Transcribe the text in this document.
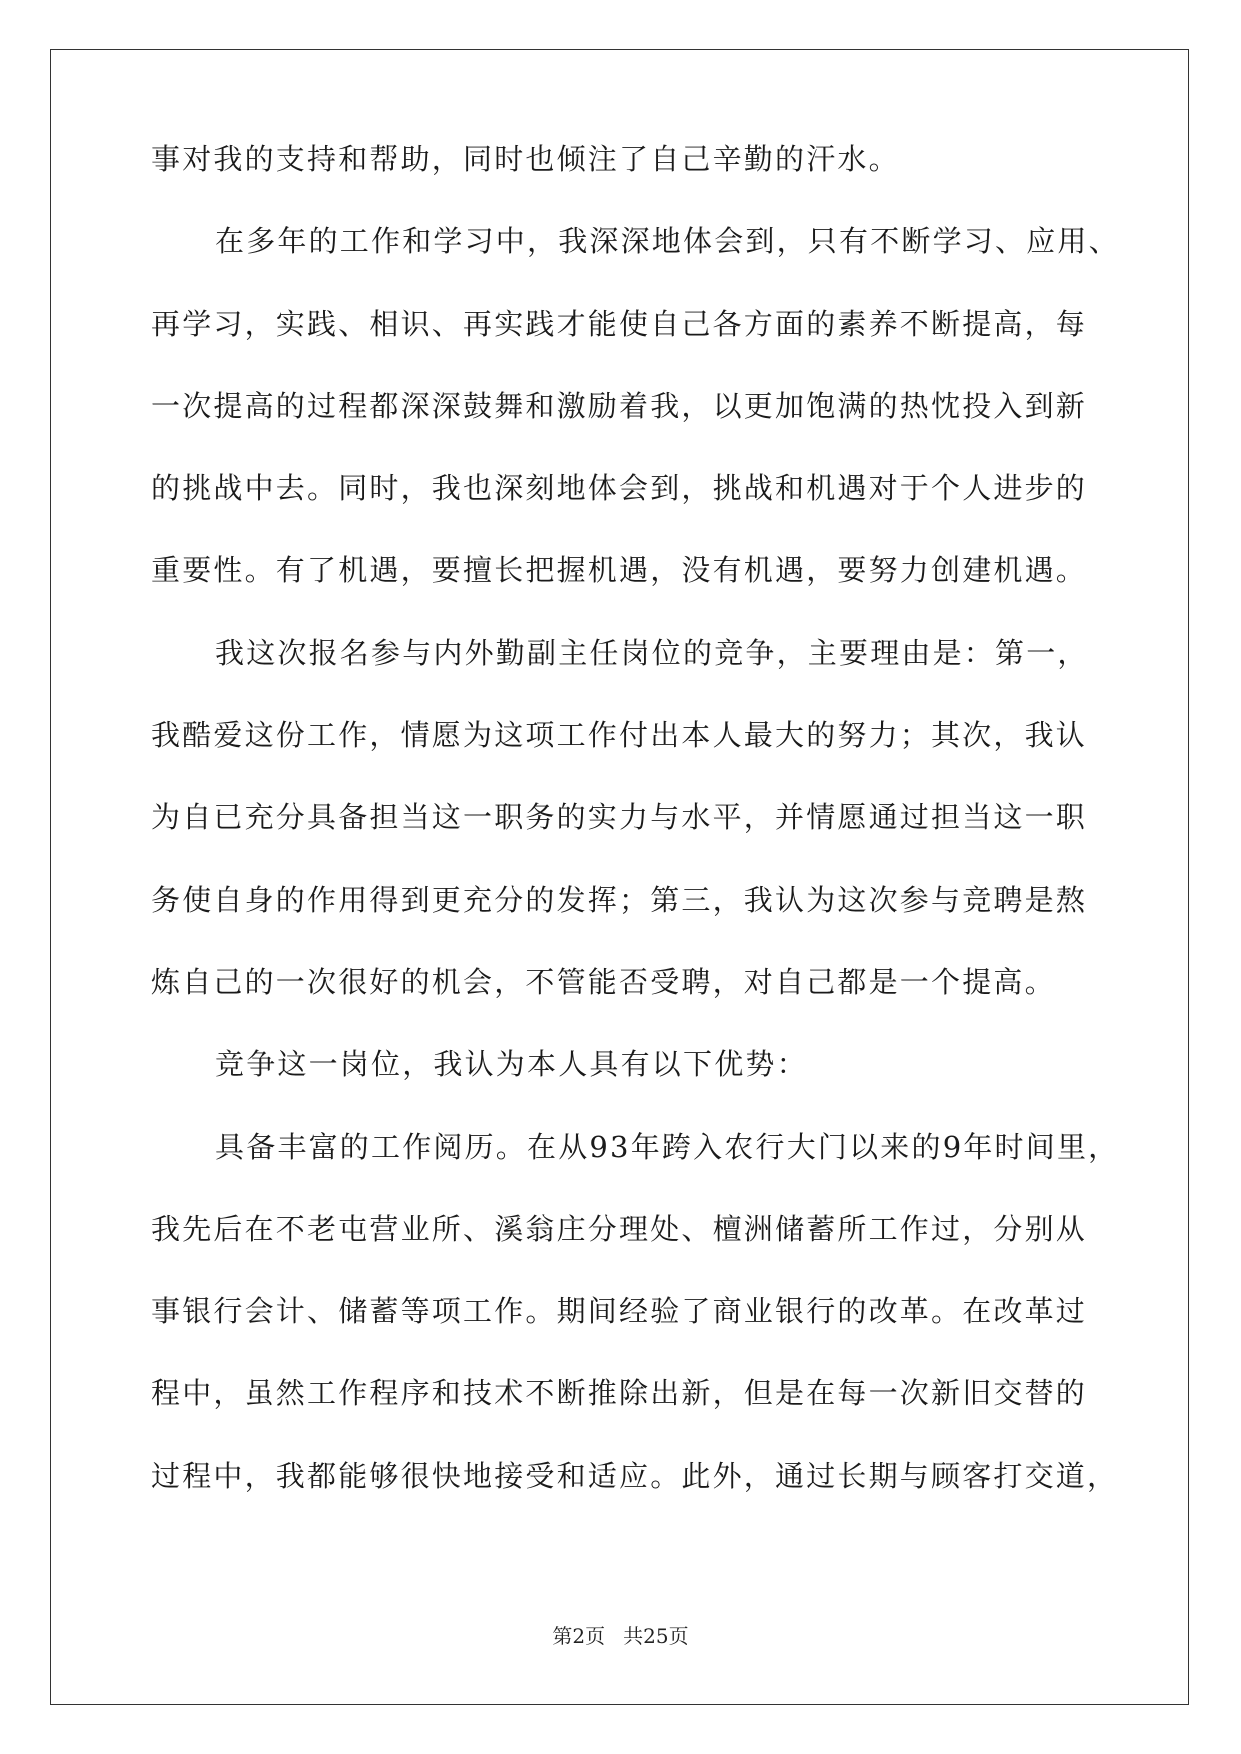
事对我的支持和帮助，同时也倾注了自己辛勤的汗水。
在多年的工作和学习中，我深深地体会到，只有不断学习、应用、
再学习，实践、相识、再实践才能使自己各方面的素养不断提高，每
一次提高的过程都深深鼓舞和激励着我，以更加饱满的热忱投入到新
的挑战中去。同时，我也深刻地体会到，挑战和机遇对于个人进步的
重要性。有了机遇，要擅长把握机遇，没有机遇，要努力创建机遇。
我这次报名参与内外勤副主任岗位的竞争，主要理由是：第一，
我酷爱这份工作，情愿为这项工作付出本人最大的努力；其次，我认
为自已充分具备担当这一职务的实力与水平，并情愿通过担当这一职
务使自身的作用得到更充分的发挥；第三，我认为这次参与竞聘是熬
炼自己的一次很好的机会，不管能否受聘，对自己都是一个提高。
竞争这一岗位，我认为本人具有以下优势：
具备丰富的工作阅历。在从93年跨入农行大门以来的9年时间里，
我先后在不老屯营业所、溪翁庄分理处、檀洲储蓄所工作过，分别从
事银行会计、储蓄等项工作。期间经验了商业银行的改革。在改革过
程中，虽然工作程序和技术不断推除出新，但是在每一次新旧交替的
过程中，我都能够很快地接受和适应。此外，通过长期与顾客打交道，
第2页 共25页
